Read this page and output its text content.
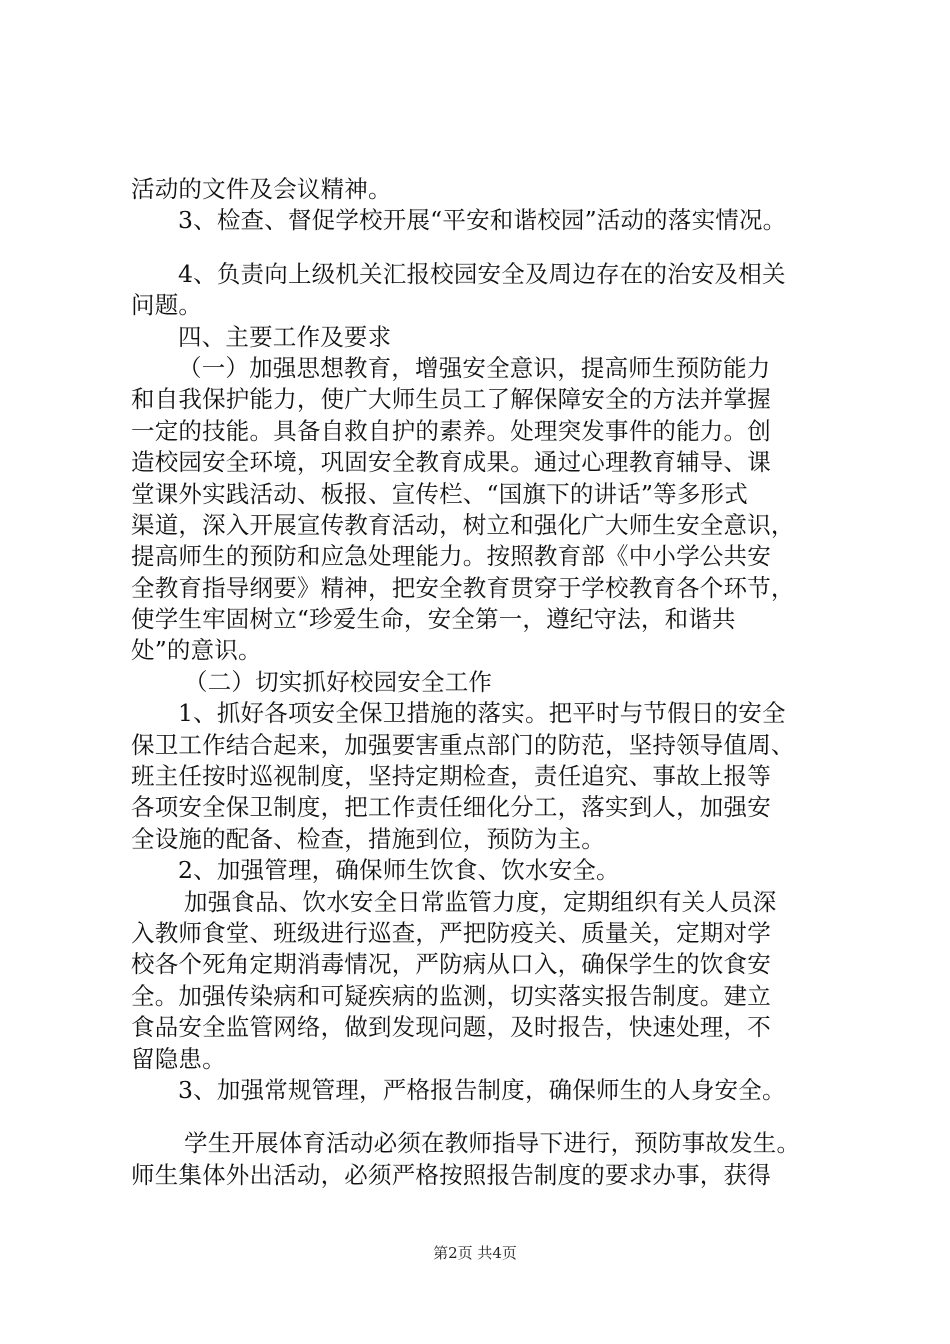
活动的文件及会议精神。
3、检查、督促学校开展“平安和谐校园”活动的落实情况。
4、负责向上级机关汇报校园安全及周边存在的治安及相关
问题。
四、主要工作及要求
（一）加强思想教育，增强安全意识，提高师生预防能力
和自我保护能力，使广大师生员工了解保障安全的方法并掌握
一定的技能。具备自救自护的素养。处理突发事件的能力。创
造校园安全环境，巩固安全教育成果。通过心理教育辅导、课
堂课外实践活动、板报、宣传栏、“国旗下的讲话”等多形式
渠道，深入开展宣传教育活动，树立和强化广大师生安全意识，
提高师生的预防和应急处理能力。按照教育部《中小学公共安
全教育指导纲要》精神，把安全教育贯穿于学校教育各个环节，
使学生牢固树立“珍爱生命，安全第一，遵纪守法，和谐共
处”的意识。
（二）切实抓好校园安全工作
1、抓好各项安全保卫措施的落实。把平时与节假日的安全
保卫工作结合起来，加强要害重点部门的防范，坚持领导值周、
班主任按时巡视制度，坚持定期检查，责任追究、事故上报等
各项安全保卫制度，把工作责任细化分工，落实到人，加强安
全设施的配备、检查，措施到位，预防为主。
2、加强管理，确保师生饮食、饮水安全。
加强食品、饮水安全日常监管力度，定期组织有关人员深
入教师食堂、班级进行巡查，严把防疫关、质量关，定期对学
校各个死角定期消毒情况，严防病从口入，确保学生的饮食安
全。加强传染病和可疑疾病的监测，切实落实报告制度。建立
食品安全监管网络，做到发现问题，及时报告，快速处理，不
留隐患。
3、加强常规管理，严格报告制度，确保师生的人身安全。
学生开展体育活动必须在教师指导下进行，预防事故发生。
师生集体外出活动，必须严格按照报告制度的要求办事，获得
第2页 共4页
